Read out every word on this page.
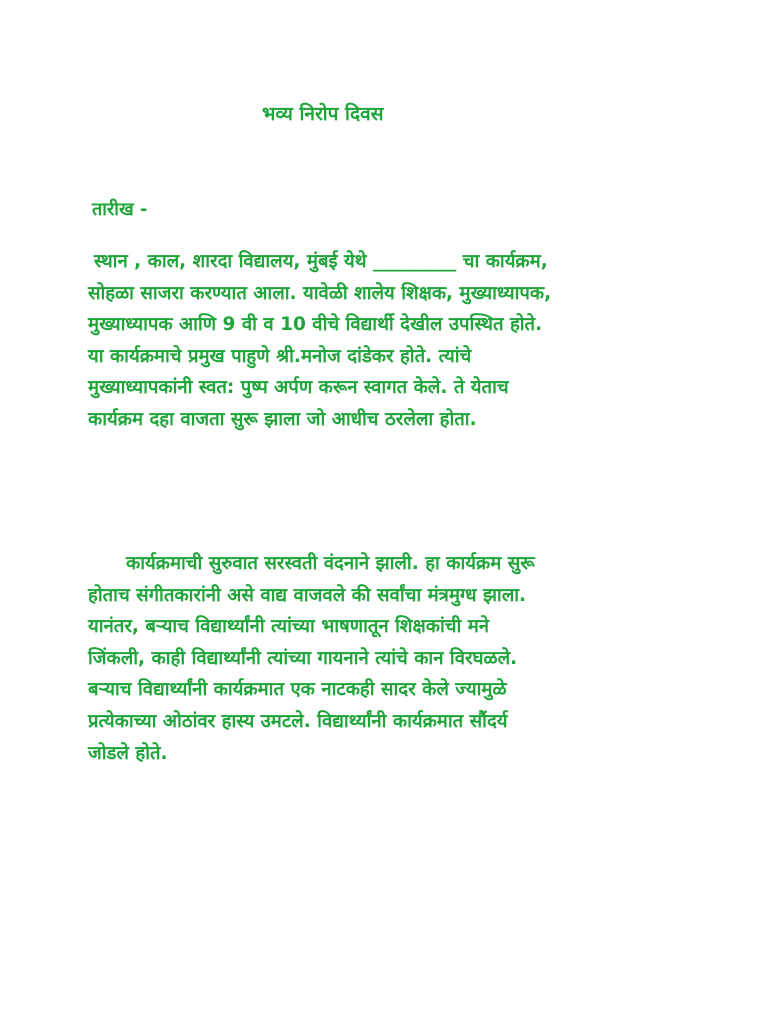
भव्य निरोप दिवस
तारीख -
स्थान , काल, शारदा विद्यालय, मुंबई येथे _________ चा कार्यक्रम,
सोहळा साजरा करण्यात आला. यावेळी शालेय शिक्षक, मुख्याध्यापक,
मुख्याध्यापक आणि 9 वी व 10 वीचे विद्यार्थी देखील उपस्थित होते.
या कार्यक्रमाचे प्रमुख पाहुणे श्री.मनोज दांडेकर होते. त्यांचे
मुख्याध्यापकांनी स्वत: पुष्प अर्पण करून स्वागत केले. ते येताच
कार्यक्रम दहा वाजता सुरू झाला जो आधीच ठरलेला होता.
कार्यक्रमाची सुरुवात सरस्वती वंदनाने झाली. हा कार्यक्रम सुरू
होताच संगीतकारांनी असे वाद्य वाजवले की सर्वांचा मंत्रमुग्ध झाला.
यानंतर, बऱ्याच विद्यार्थ्यांनी त्यांच्या भाषणातून शिक्षकांची मने
जिंकली, काही विद्यार्थ्यांनी त्यांच्या गायनाने त्यांचे कान विरघळले.
बऱ्याच विद्यार्थ्यांनी कार्यक्रमात एक नाटकही सादर केले ज्यामुळे
प्रत्येकाच्या ओठांवर हास्य उमटले. विद्यार्थ्यांनी कार्यक्रमात सौंदर्य
जोडले होते.
